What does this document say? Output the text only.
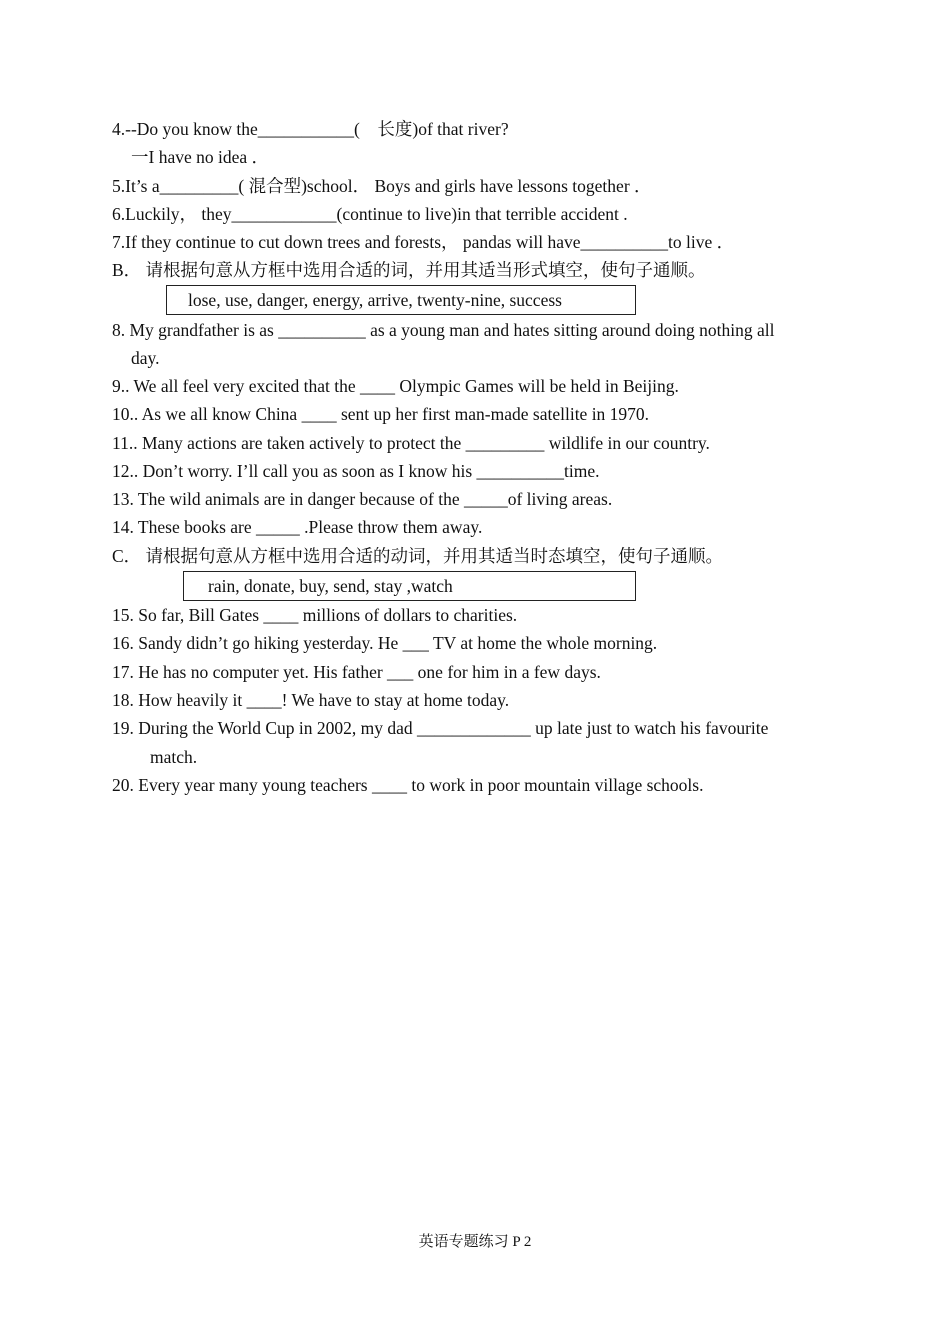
4.--Do you know the___________(　长度)of that river?
一I have no idea ．
5.It’s a_________( 混合型)school． Boys and girls have lessons together ．
6.Luckily， they____________(continue to live)in that terrible accident .
7.If they continue to cut down trees and forests， pandas will have__________to live ．
B． 请根据句意从方框中选用合适的词，并用其适当形式填空，使句子通顺。
lose, use, danger, energy, arrive, twenty-nine, success
8. My grandfather is as __________ as a young man and hates sitting around doing nothing all
day.
9.. We all feel very excited that the ____ Olympic Games will be held in Beijing.
10.. As we all know China ____ sent up her first man-made satellite in 1970.
11.. Many actions are taken actively to protect the _________ wildlife in our country.
12.. Don’t worry. I’ll call you as soon as I know his __________time.
13. The wild animals are in danger because of the _____of living areas.
14. These books are _____ .Please throw them away.
C． 请根据句意从方框中选用合适的动词，并用其适当时态填空，使句子通顺。
rain, donate, buy, send, stay ,watch
15. So far, Bill Gates ____ millions of dollars to charities.
16. Sandy didn’t go hiking yesterday. He ___ TV at home the whole morning.
17. He has no computer yet. His father ___ one for him in a few days.
18. How heavily it ____! We have to stay at home today.
19. During the World Cup in 2002, my dad _____________ up late just to watch his favourite
match.
20. Every year many young teachers ____ to work in poor mountain village schools.
英语专题练习 P 2
